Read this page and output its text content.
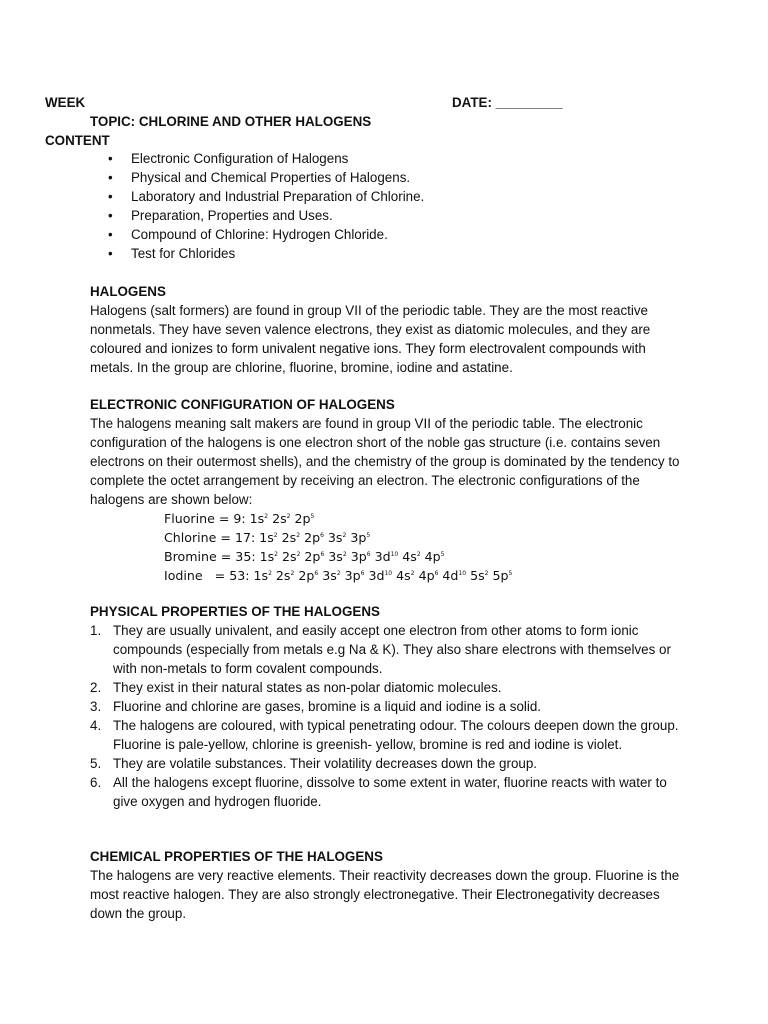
WEEK	DATE: _________
TOPIC: CHLORINE AND OTHER HALOGENS
CONTENT
• Electronic Configuration of Halogens
• Physical and Chemical Properties of Halogens.
• Laboratory and Industrial Preparation of Chlorine.
• Preparation, Properties and Uses.
• Compound of Chlorine: Hydrogen Chloride.
• Test for Chlorides

HALOGENS

Halogens (salt formers) are found in group VII of the periodic table. They are the most reactive nonmetals. They have seven valence electrons, they exist as diatomic molecules, and they are coloured and ionizes to form univalent negative ions. They form electrovalent compounds with metals. In the group are chlorine, fluorine, bromine, iodine and astatine.

ELECTRONIC CONFIGURATION OF HALOGENS

The halogens meaning salt makers are found in group VII of the periodic table. The electronic configuration of the halogens is one electron short of the noble gas structure (i.e. contains seven electrons on their outermost shells), and the chemistry of the group is dominated by the tendency to complete the octet arrangement by receiving an electron. The electronic configurations of the halogens are shown below:

Fluorine = 9: $1s^2$ $2s^2$ $2p^5$
Chlorine = 17: $1s^2$ $2s^2$ $2p^6$ $3s^2$ $3p^5$
Bromine = 35: $1s^2$ $2s^2$ $2p^6$ $3s^2$ $3p^6$ $3d^{10}$ $4s^2$ $4p^5$
Iodine   = 53: $1s^2$ $2s^2$ $2p^6$ $3s^2$ $3p^6$ $3d^{10}$ $4s^2$ $4p^6$ $4d^{10}$ $5s^2$ $5p^5$

PHYSICAL PROPERTIES OF THE HALOGENS

1. They are usually univalent, and easily accept one electron from other atoms to form ionic compounds (especially from metals e.g Na & K). They also share electrons with themselves or with non-metals to form covalent compounds.
2. They exist in their natural states as non-polar diatomic molecules.
3. Fluorine and chlorine are gases, bromine is a liquid and iodine is a solid.
4. The halogens are coloured, with typical penetrating odour. The colours deepen down the group. Fluorine is pale-yellow, chlorine is greenish- yellow, bromine is red and iodine is violet.
5. They are volatile substances. Their volatility decreases down the group.
6. All the halogens except fluorine, dissolve to some extent in water, fluorine reacts with water to give oxygen and hydrogen fluoride.

CHEMICAL PROPERTIES OF THE HALOGENS

The halogens are very reactive elements. Their reactivity decreases down the group. Fluorine is the most reactive halogen. They are also strongly electronegative. Their Electronegativity decreases down the group.
